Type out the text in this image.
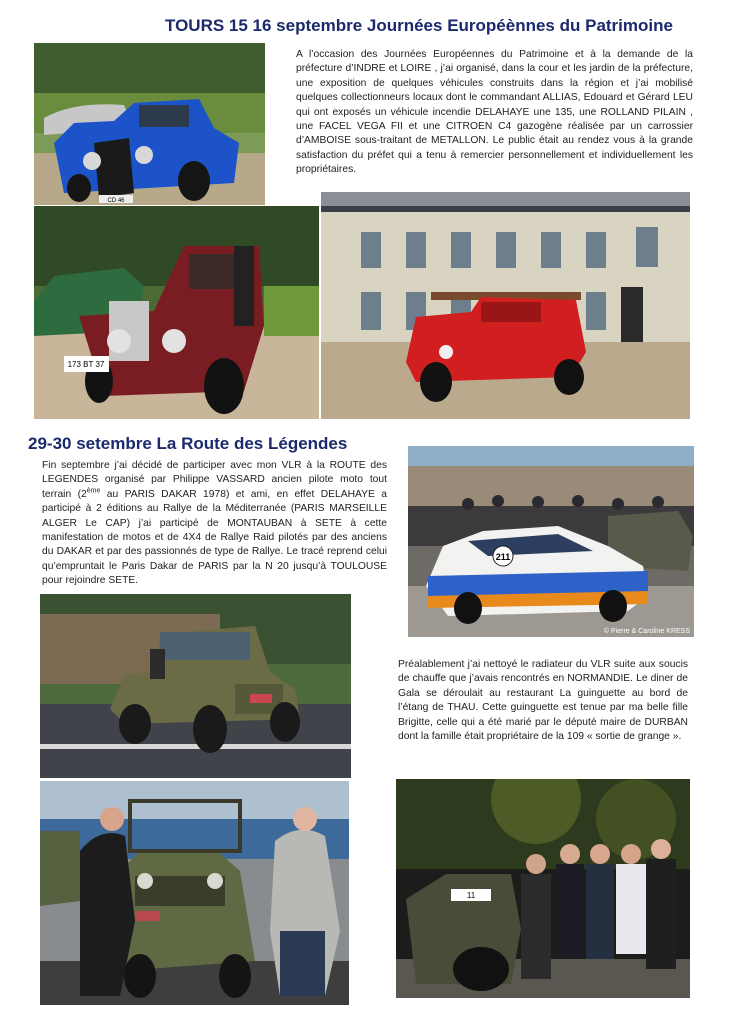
TOURS 15 16 septembre Journées Européènnes du Patrimoine

A l’occasion des Journées Européennes du Patrimoine et à la demande de la préfecture d’INDRE et LOIRE , j’ai organisé, dans la cour et les jardin de la préfecture, une exposition de quelques véhicules construits dans la région et j’ai mobilisé quelques collectionneurs locaux dont le commandant ALLIAS, Edouard et Gérard LEU qui ont exposés un véhicule incendie DELAHAYE une 135, une ROLLAND PILAIN , une FACEL VEGA FII et une CITROEN C4 gazogène réalisée par un carrossier d’AMBOISE sous-traitant de METALLON. Le public était au rendez vous à la grande satisfaction du préfet qui a tenu à remercier personnellement et individuellement les propriétaires.

29-30 setembre La Route des Légendes

Fin septembre j’ai décidé de participer avec mon VLR à la ROUTE des LEGENDES organisé par Philippe VASSARD ancien pilote moto tout terrain (2ème au PARIS DAKAR 1978) et ami, en effet DELAHAYE a participé à 2 éditions au Rallye de la Méditerranée (PARIS MARSEILLE ALGER Le CAP) j’ai participé de MONTAUBAN à SETE à cette manifestation de motos et de 4X4 de Rallye Raid pilotés par des anciens du DAKAR et par des passionnés de type de Rallye. Le tracé reprend celui qu’empruntait le Paris Dakar de PARIS par la N 20 jusqu’à TOULOUSE pour rejoindre SETE.

Préalablement j’ai nettoyé le radiateur du VLR suite aux soucis de chauffe que j’avais rencontrés en NORMANDIE. Le diner de Gala se déroulait au restaurant La guinguette au bord de l’étang de THAU. Cette guinguette est tenue par ma belle fille Brigitte, celle qui a été marié par le député maire de DURBAN dont la famille était propriétaire de la 109 « sortie de grange ».

CD 46
173 BT 37
211
© Pierre & Caroline KRESS
11
